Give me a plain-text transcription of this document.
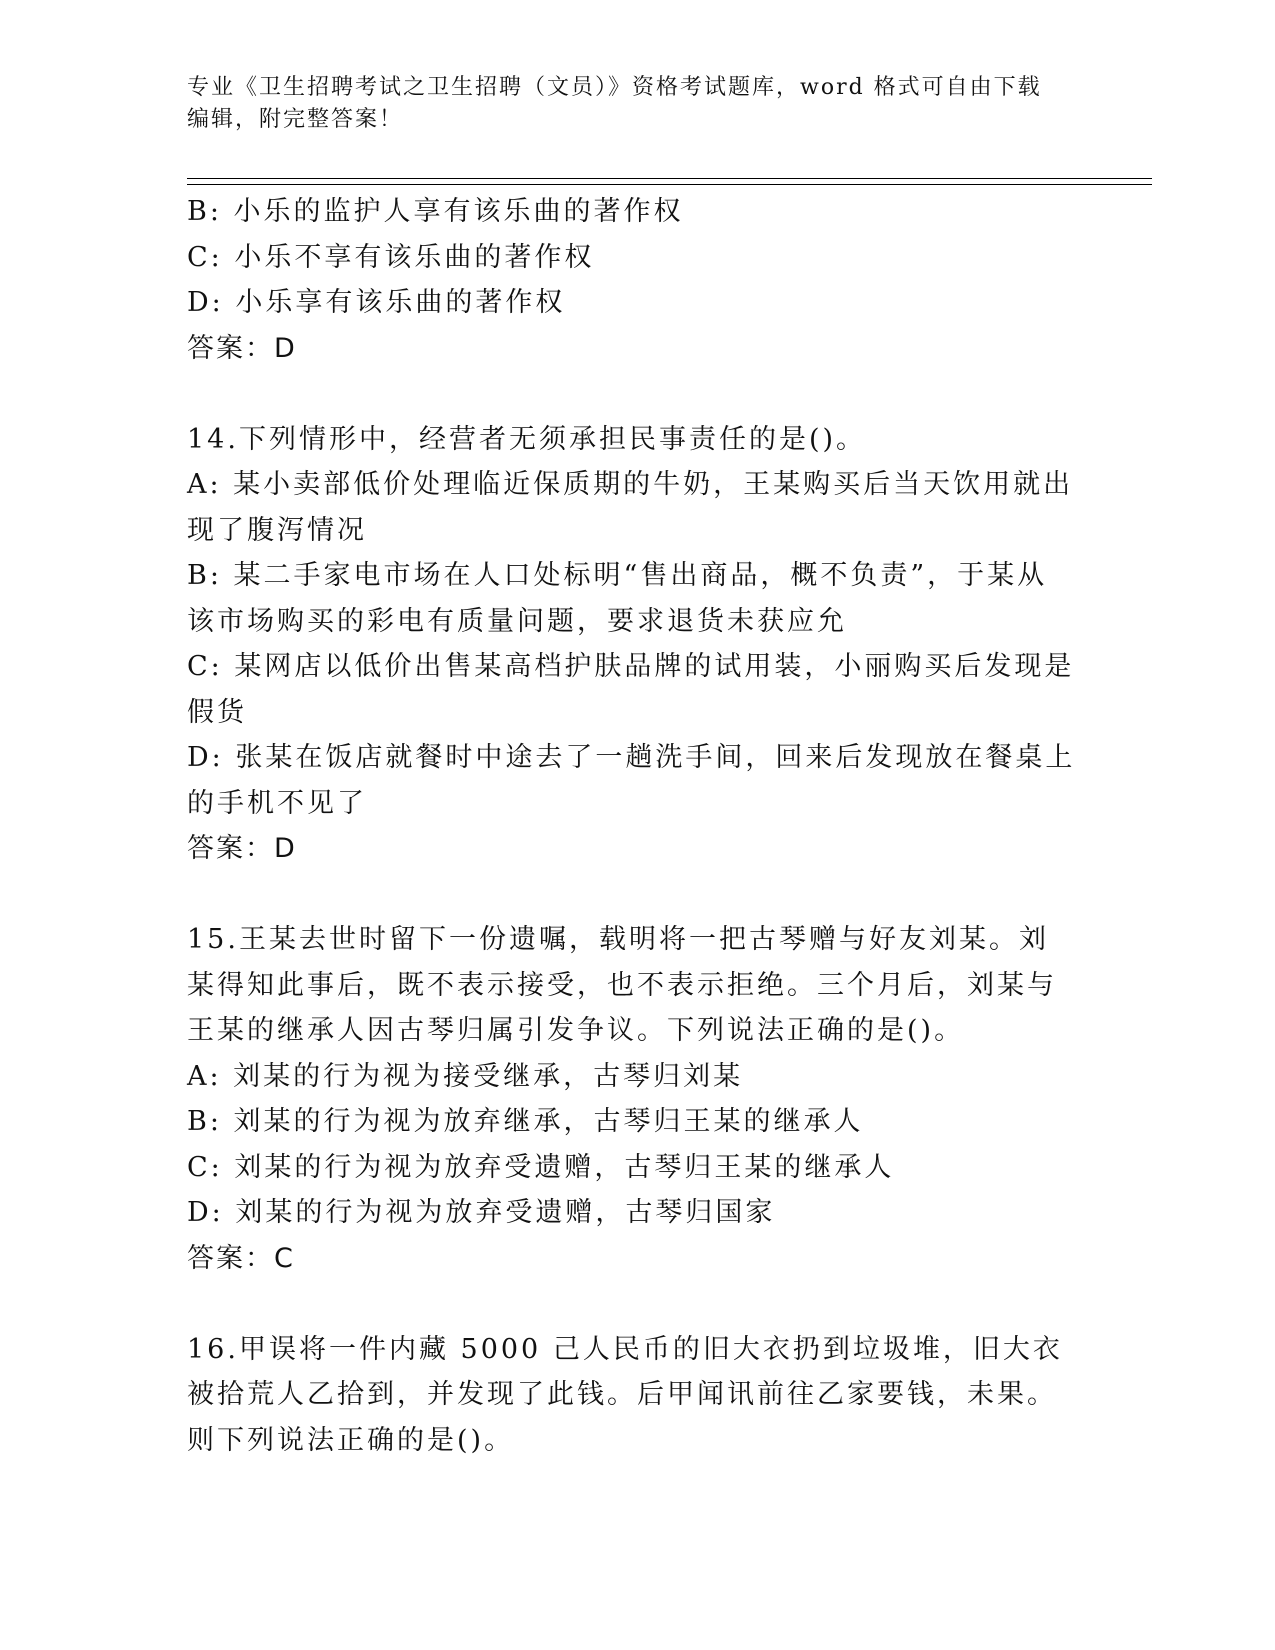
专业《卫生招聘考试之卫生招聘（文员）》资格考试题库，word 格式可自由下载
编辑，附完整答案！

B: 小乐的监护人享有该乐曲的著作权

C: 小乐不享有该乐曲的著作权

D: 小乐享有该乐曲的著作权

答案：D

14.下列情形中，经营者无须承担民事责任的是()。

A: 某小卖部低价处理临近保质期的牛奶，王某购买后当天饮用就出现了腹泻情况

B: 某二手家电市场在人口处标明“售出商品，概不负责”，于某从该市场购买的彩电有质量问题，要求退货未获应允

C: 某网店以低价出售某高档护肤品牌的试用装，小丽购买后发现是假货

D: 张某在饭店就餐时中途去了一趟洗手间，回来后发现放在餐桌上的手机不见了

答案：D

15.王某去世时留下一份遗嘱，载明将一把古琴赠与好友刘某。刘某得知此事后，既不表示接受，也不表示拒绝。三个月后，刘某与王某的继承人因古琴归属引发争议。下列说法正确的是()。

A: 刘某的行为视为接受继承，古琴归刘某

B: 刘某的行为视为放弃继承，古琴归王某的继承人

C: 刘某的行为视为放弃受遗赠，古琴归王某的继承人

D: 刘某的行为视为放弃受遗赠，古琴归国家

答案：C

16.甲误将一件内藏 5000 己人民币的旧大衣扔到垃圾堆，旧大衣被拾荒人乙拾到，并发现了此钱。后甲闻讯前往乙家要钱，未果。则下列说法正确的是()。
